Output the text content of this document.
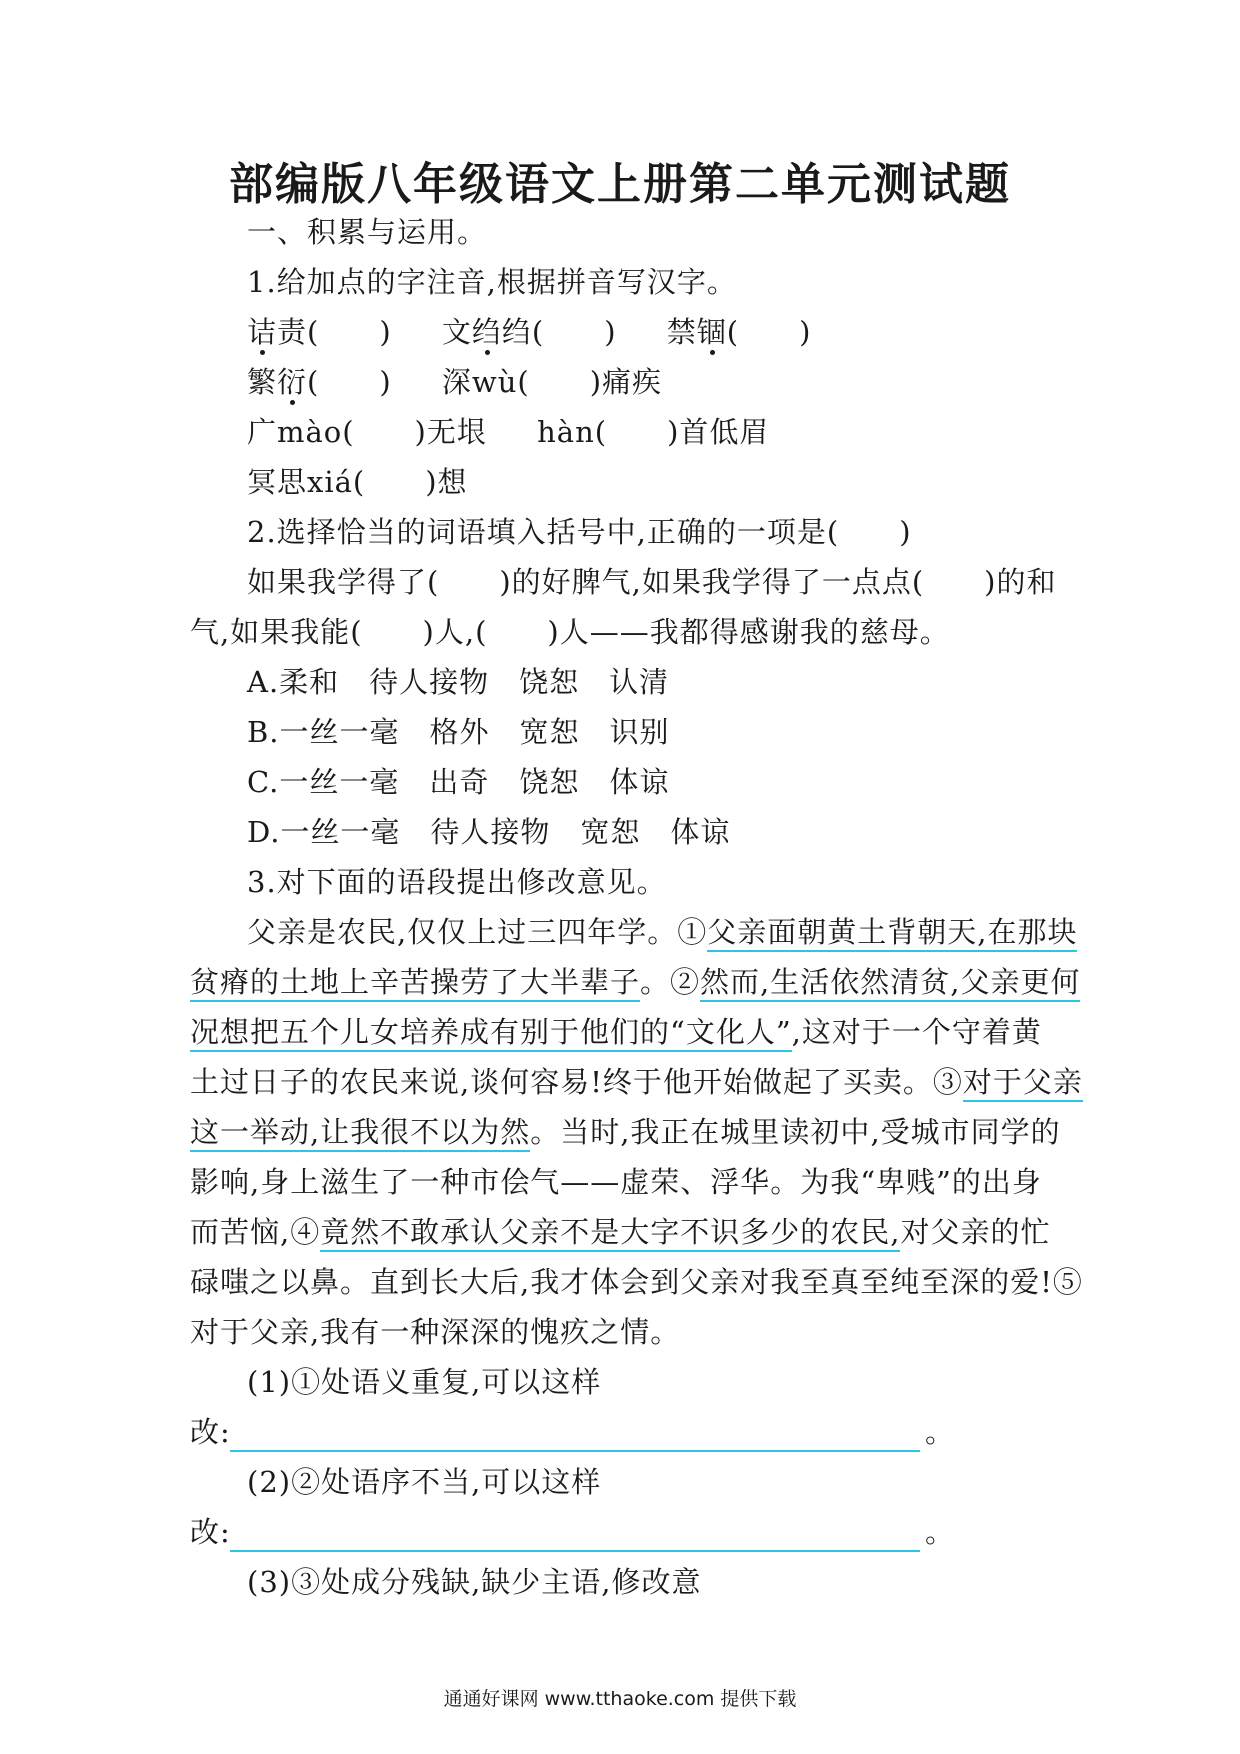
部编版八年级语文上册第二单元测试题
一、积累与运用。
1.给加点的字注音,根据拼音写汉字。
诘责(　　) 文绉绉(　　) 禁锢(　　)
繁衍(　　) 深wù(　　)痛疾
广mào(　　)无垠 hàn(　　)首低眉
冥思xiá(　　)想
2.选择恰当的词语填入括号中,正确的一项是(　　)
如果我学得了(　　)的好脾气,如果我学得了一点点(　　)的和
气,如果我能(　　)人,(　　)人——我都得感谢我的慈母。
A.柔和　待人接物　饶恕　认清
B.一丝一毫　格外　宽恕　识别
C.一丝一毫　出奇　饶恕　体谅
D.一丝一毫　待人接物　宽恕　体谅
3.对下面的语段提出修改意见。
父亲是农民,仅仅上过三四年学。①父亲面朝黄土背朝天,在那块
贫瘠的土地上辛苦操劳了大半辈子。②然而,生活依然清贫,父亲更何
况想把五个儿女培养成有别于他们的“文化人”,这对于一个守着黄
土过日子的农民来说,谈何容易!终于他开始做起了买卖。③对于父亲
这一举动,让我很不以为然。当时,我正在城里读初中,受城市同学的
影响,身上滋生了一种市侩气——虚荣、浮华。为我“卑贱”的出身
而苦恼,④竟然不敢承认父亲不是大字不识多少的农民,对父亲的忙
碌嗤之以鼻。直到长大后,我才体会到父亲对我至真至纯至深的爱!⑤
对于父亲,我有一种深深的愧疚之情。
(1)①处语义重复,可以这样
改:	。
(2)②处语序不当,可以这样
改:	。
(3)③处成分残缺,缺少主语,修改意
通通好课网 www.tthaoke.com 提供下载
